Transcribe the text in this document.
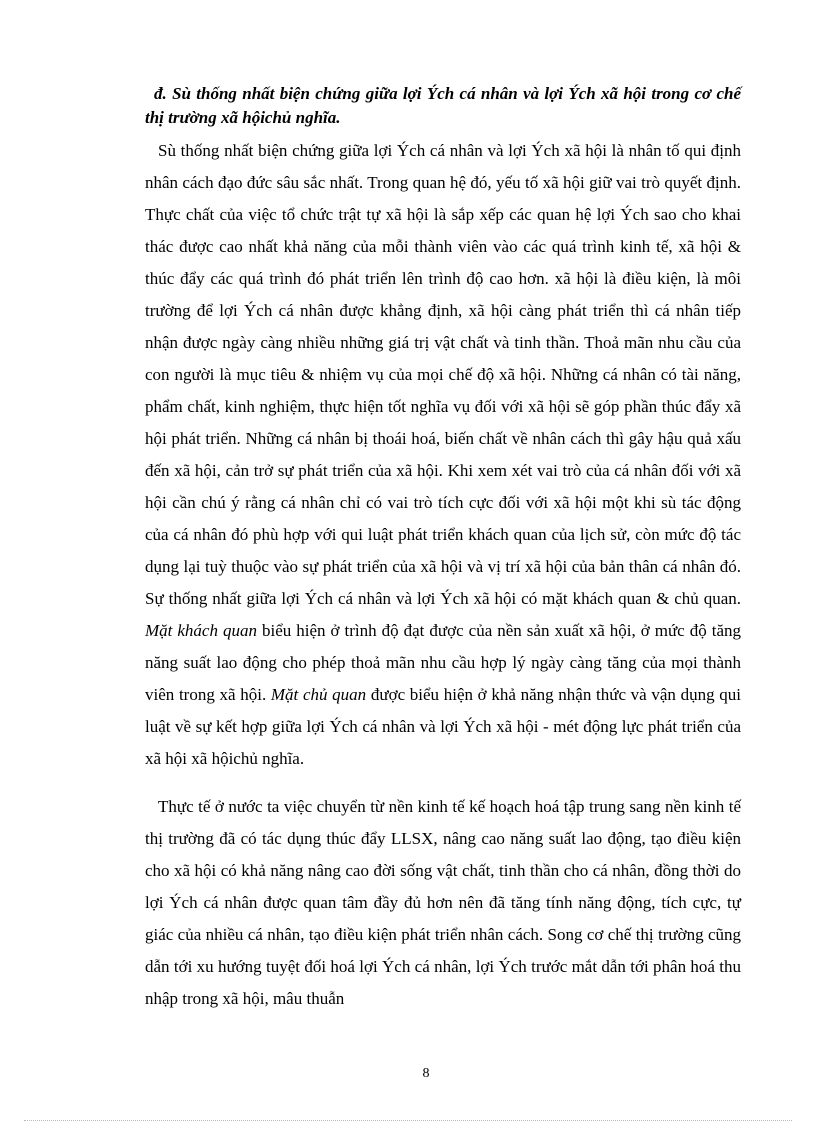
đ. Sù thống nhất biện chứng giữa lợi Ých cá nhân và lợi Ých xã hội trong cơ chế thị trường xã hộichủ nghĩa.

Sù thống nhất biện chứng giữa lợi Ých cá nhân và lợi Ých xã hội là nhân tố qui định nhân cách đạo đức sâu sắc nhất. Trong quan hệ đó, yếu tố xã hội giữ vai trò quyết định. Thực chất của việc tổ chức trật tự xã hội là sắp xếp các quan hệ lợi Ých sao cho khai thác được cao nhất khả năng của mỗi thành viên vào các quá trình kinh tế, xã hội & thúc đẩy các quá trình đó phát triển lên trình độ cao hơn. xã hội là điều kiện, là môi trường để lợi Ých cá nhân được khẳng định, xã hội càng phát triển thì cá nhân tiếp nhận được ngày càng nhiều những giá trị vật chất và tinh thần. Thoả mãn nhu cầu của con người là mục tiêu & nhiệm vụ của mọi chế độ xã hội. Những cá nhân có tài năng, phẩm chất, kinh nghiệm, thực hiện tốt nghĩa vụ đối với xã hội sẽ góp phần thúc đẩy xã hội phát triển. Những cá nhân bị thoái hoá, biến chất về nhân cách thì gây hậu quả xấu đến xã hội, cản trở sự phát triển của xã hội. Khi xem xét vai trò của cá nhân đối với xã hội cần chú ý rằng cá nhân chỉ có vai trò tích cực đối với xã hội một khi sù tác động của cá nhân đó phù hợp với qui luật phát triển khách quan của lịch sử, còn mức độ tác dụng lại tuỳ thuộc vào sự phát triển của xã hội và vị trí xã hội của bản thân cá nhân đó. Sự thống nhất giữa lợi Ých cá nhân và lợi Ých xã hội có mặt khách quan & chủ quan. Mặt khách quan biểu hiện ở trình độ đạt được của nền sản xuất xã hội, ở mức độ tăng năng suất lao động cho phép thoả mãn nhu cầu hợp lý ngày càng tăng của mọi thành viên trong xã hội. Mặt chủ quan được biểu hiện ở khả năng nhận thức và vận dụng qui luật về sự kết hợp giữa lợi Ých cá nhân và lợi Ých xã hội - mét động lực phát triển của xã hội xã hộichủ nghĩa.

Thực tế ở nước ta việc chuyển từ nền kinh tế kế hoạch hoá tập trung sang nền kinh tế thị trường đã có tác dụng thúc đẩy LLSX, nâng cao năng suất lao động, tạo điều kiện cho xã hội có khả năng nâng cao đời sống vật chất, tinh thần cho cá nhân, đồng thời do lợi Ých cá nhân được quan tâm đầy đủ hơn nên đã tăng tính năng động, tích cực, tự giác của nhiều cá nhân, tạo điều kiện phát triển nhân cách. Song cơ chế thị trường cũng dẫn tới xu hướng tuyệt đối hoá lợi Ých cá nhân, lợi Ých trước mắt dẫn tới phân hoá thu nhập trong xã hội, mâu thuẫn

8
